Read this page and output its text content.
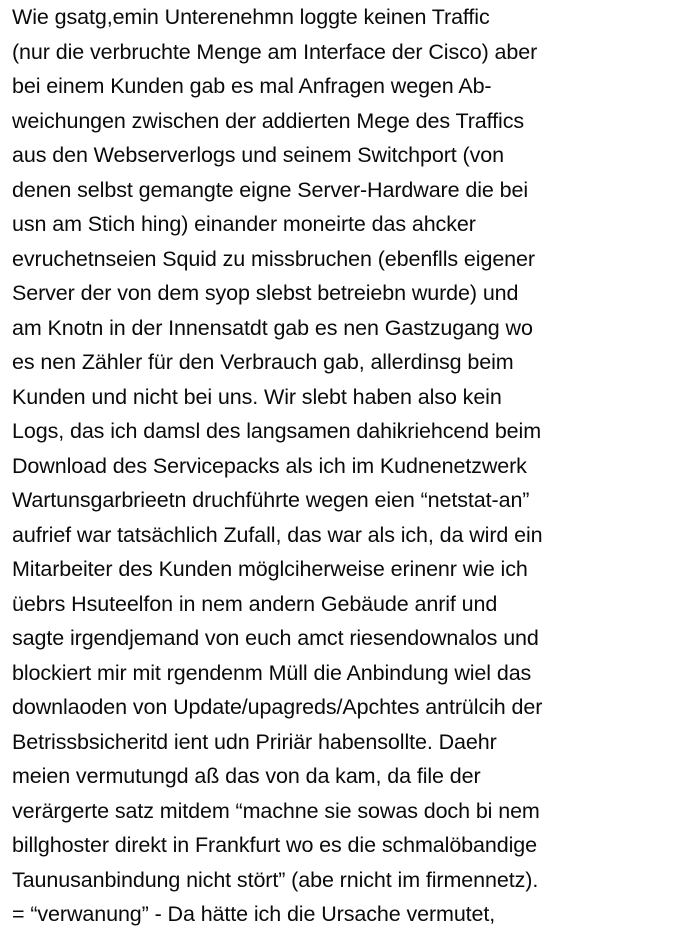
Wie gsatg,emin Unterenehmn loggte keinen Traffic
(nur die verbruchte Menge am Interface der Cisco) aber
bei einem Kunden gab es mal Anfragen wegen Ab-
weichungen zwischen der addierten Mege des Traffics
aus den Webserverlogs und seinem Switchport (von
denen selbst gemangte eigne Server-Hardware die bei
usn am Stich hing) einander moneirte das ahcker
evruchetnseien Squid zu missbruchen (ebenflls eigener
Server der von dem syop slebst betreiebn wurde) und
am Knotn in der Innensatdt gab es nen Gastzugang wo
es nen Zähler für den Verbrauch gab, allerdinsg beim
Kunden und nicht bei uns. Wir slebt haben also kein
Logs, das ich damsl des langsamen dahikriehcend beim
Download des Servicepacks als ich im Kudnenetzwerk
Wartunsgarbrieetn druchführte wegen eien “netstat-an”
aufrief war tatsächlich Zufall, das war als ich, da wird ein
Mitarbeiter des Kunden möglciherweise erinenr wie ich
üebrs Hsuteelfon in nem andern Gebäude anrif und
sagte irgendjemand von euch amct riesendownalos und
blockiert mir mit rgendenm Müll die Anbindung wiel das
downlaoden von Update/upagreds/Apchtes antrülcih der
Betrissbsicheritd ient udn Pririär habensollte. Daehr
meien vermutungd aß das von da kam, da file der
verärgerte satz mitdem “machne sie sowas doch bi nem
billghoster direkt in Frankfurt wo es die schmalöbandige
Taunusanbindung nicht stört” (abe rnicht im firmennetz).
= “verwanung” - Da hätte ich die Ursache vermutet,
